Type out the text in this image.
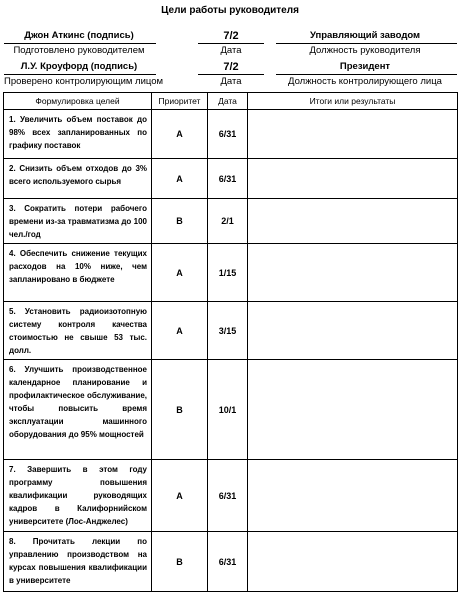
Цели работы руководителя
Джон Аткинс (подпись)	7/2	Управляющий заводом
Подготовлено руководителем	Дата	Должность руководителя
Л.У. Кроуфорд (подпись)	7/2	Президент
Проверено контролирующим лицом	Дата	Должность контролирующего лица
Формулировка целей	Приоритет	Дата	Итоги или результаты
1. Увеличить объем поставок до 98% всех запланированных по графику поставок	А	6/31	
2. Снизить объем отходов до 3% всего используемого сырья	А	6/31	
3. Сократить потери рабочего времени из-за травматизма до 100 чел./год	В	2/1	
4. Обеспечить снижение текущих расходов на 10% ниже, чем запланировано в бюджете	А	1/15	
5. Установить радиоизотопную систему контроля качества стоимостью не свыше 53 тыс. долл.	А	3/15	
6. Улучшить производственное календарное планирование и профилактическое обслуживание, чтобы повысить время эксплуатации машинного оборудования до 95% мощностей	В	10/1	
7. Завершить в этом году программу повышения квалификации руководящих кадров в Калифорнийском университете (Лос-Анджелес)	А	6/31	
8. Прочитать лекции по управлению производством на курсах повышения квалификации в университете	В	6/31	
